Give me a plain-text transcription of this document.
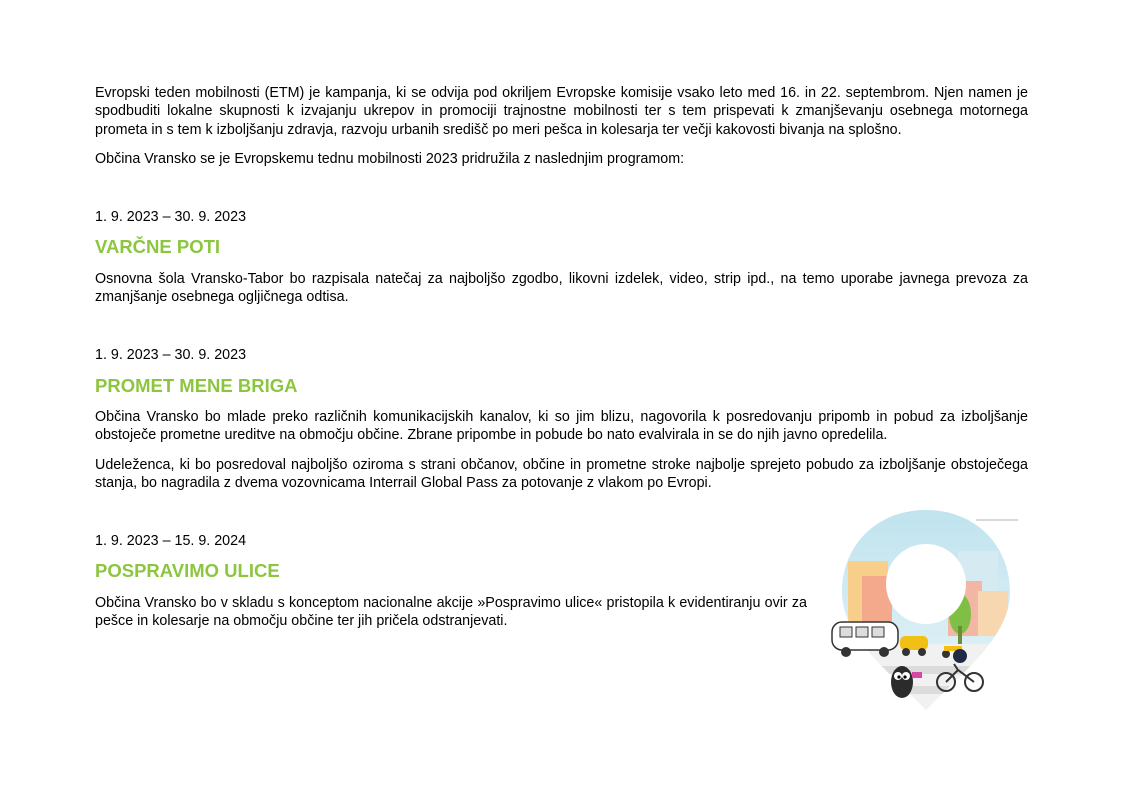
Evropski teden mobilnosti (ETM) je kampanja, ki se odvija pod okriljem Evropske komisije vsako leto med 16. in 22. septembrom. Njen namen je spodbuditi lokalne skupnosti k izvajanju ukrepov in promociji trajnostne mobilnosti ter s tem prispevati k zmanjševanju osebnega motornega prometa in s tem k izboljšanju zdravja, razvoju urbanih središč po meri pešca in kolesarja ter večji kakovosti bivanja na splošno.

Občina Vransko se je Evropskemu tednu mobilnosti 2023 pridružila z naslednjim programom:

1. 9. 2023 – 30. 9. 2023

VARČNE POTI

Osnovna šola Vransko-Tabor bo razpisala natečaj za najboljšo zgodbo, likovni izdelek, video, strip ipd., na temo uporabe javnega prevoza za zmanjšanje osebnega ogljičnega odtisa.

1. 9. 2023 – 30. 9. 2023

PROMET MENE BRIGA

Občina Vransko bo mlade preko različnih komunikacijskih kanalov, ki so jim blizu, nagovorila k posredovanju pripomb in pobud za izboljšanje obstoječe prometne ureditve na območju občine. Zbrane pripombe in pobude bo nato evalvirala in se do njih javno opredelila.

Udeleženca, ki bo posredoval najboljšo oziroma s strani občanov, občine in prometne stroke najbolje sprejeto pobudo za izboljšanje obstoječega stanja, bo nagradila z dvema vozovnicama Interrail Global Pass za potovanje z vlakom po Evropi.

1. 9. 2023 – 15. 9. 2024

POSPRAVIMO ULICE

Občina Vransko bo v skladu s konceptom nacionalne akcije »Pospravimo ulice« pristopila k evidentiranju ovir za pešce in kolesarje na območju občine ter jih pričela odstranjevati.
